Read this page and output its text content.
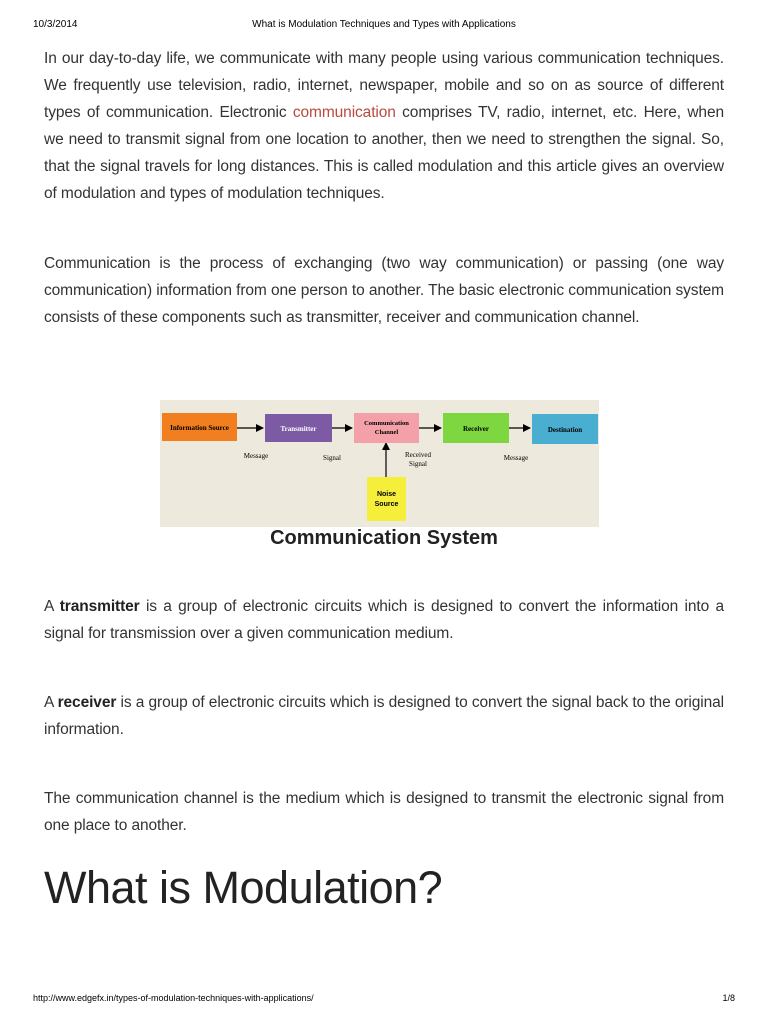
10/3/2014	What is Modulation Techniques and Types with Applications

In our day-to-day life, we communicate with many people using various communication techniques. We frequently use television, radio, internet, newspaper, mobile and so on as source of different types of communication. Electronic communication comprises TV, radio, internet, etc. Here, when we need to transmit signal from one location to another, then we need to strengthen the signal. So, that the signal travels for long distances. This is called modulation and this article gives an overview of modulation and types of modulation techniques.

Communication is the process of exchanging (two way communication) or passing (one way communication) information from one person to another. The basic electronic communication system consists of these components such as transmitter, receiver and communication channel.

Information Source	Transmitter
Communication
Channel	Receiver	Destination
Noise
Source
Message	Signal	Received
Signal
Message
Communication System

A transmitter is a group of electronic circuits which is designed to convert the information into a signal for transmission over a given communication medium.

A receiver is a group of electronic circuits which is designed to convert the signal back to the original information.

The communication channel is the medium which is designed to transmit the electronic signal from one place to another.

What is Modulation?
http://www.edgefx.in/types-of-modulation-techniques-with-applications/	1/8
